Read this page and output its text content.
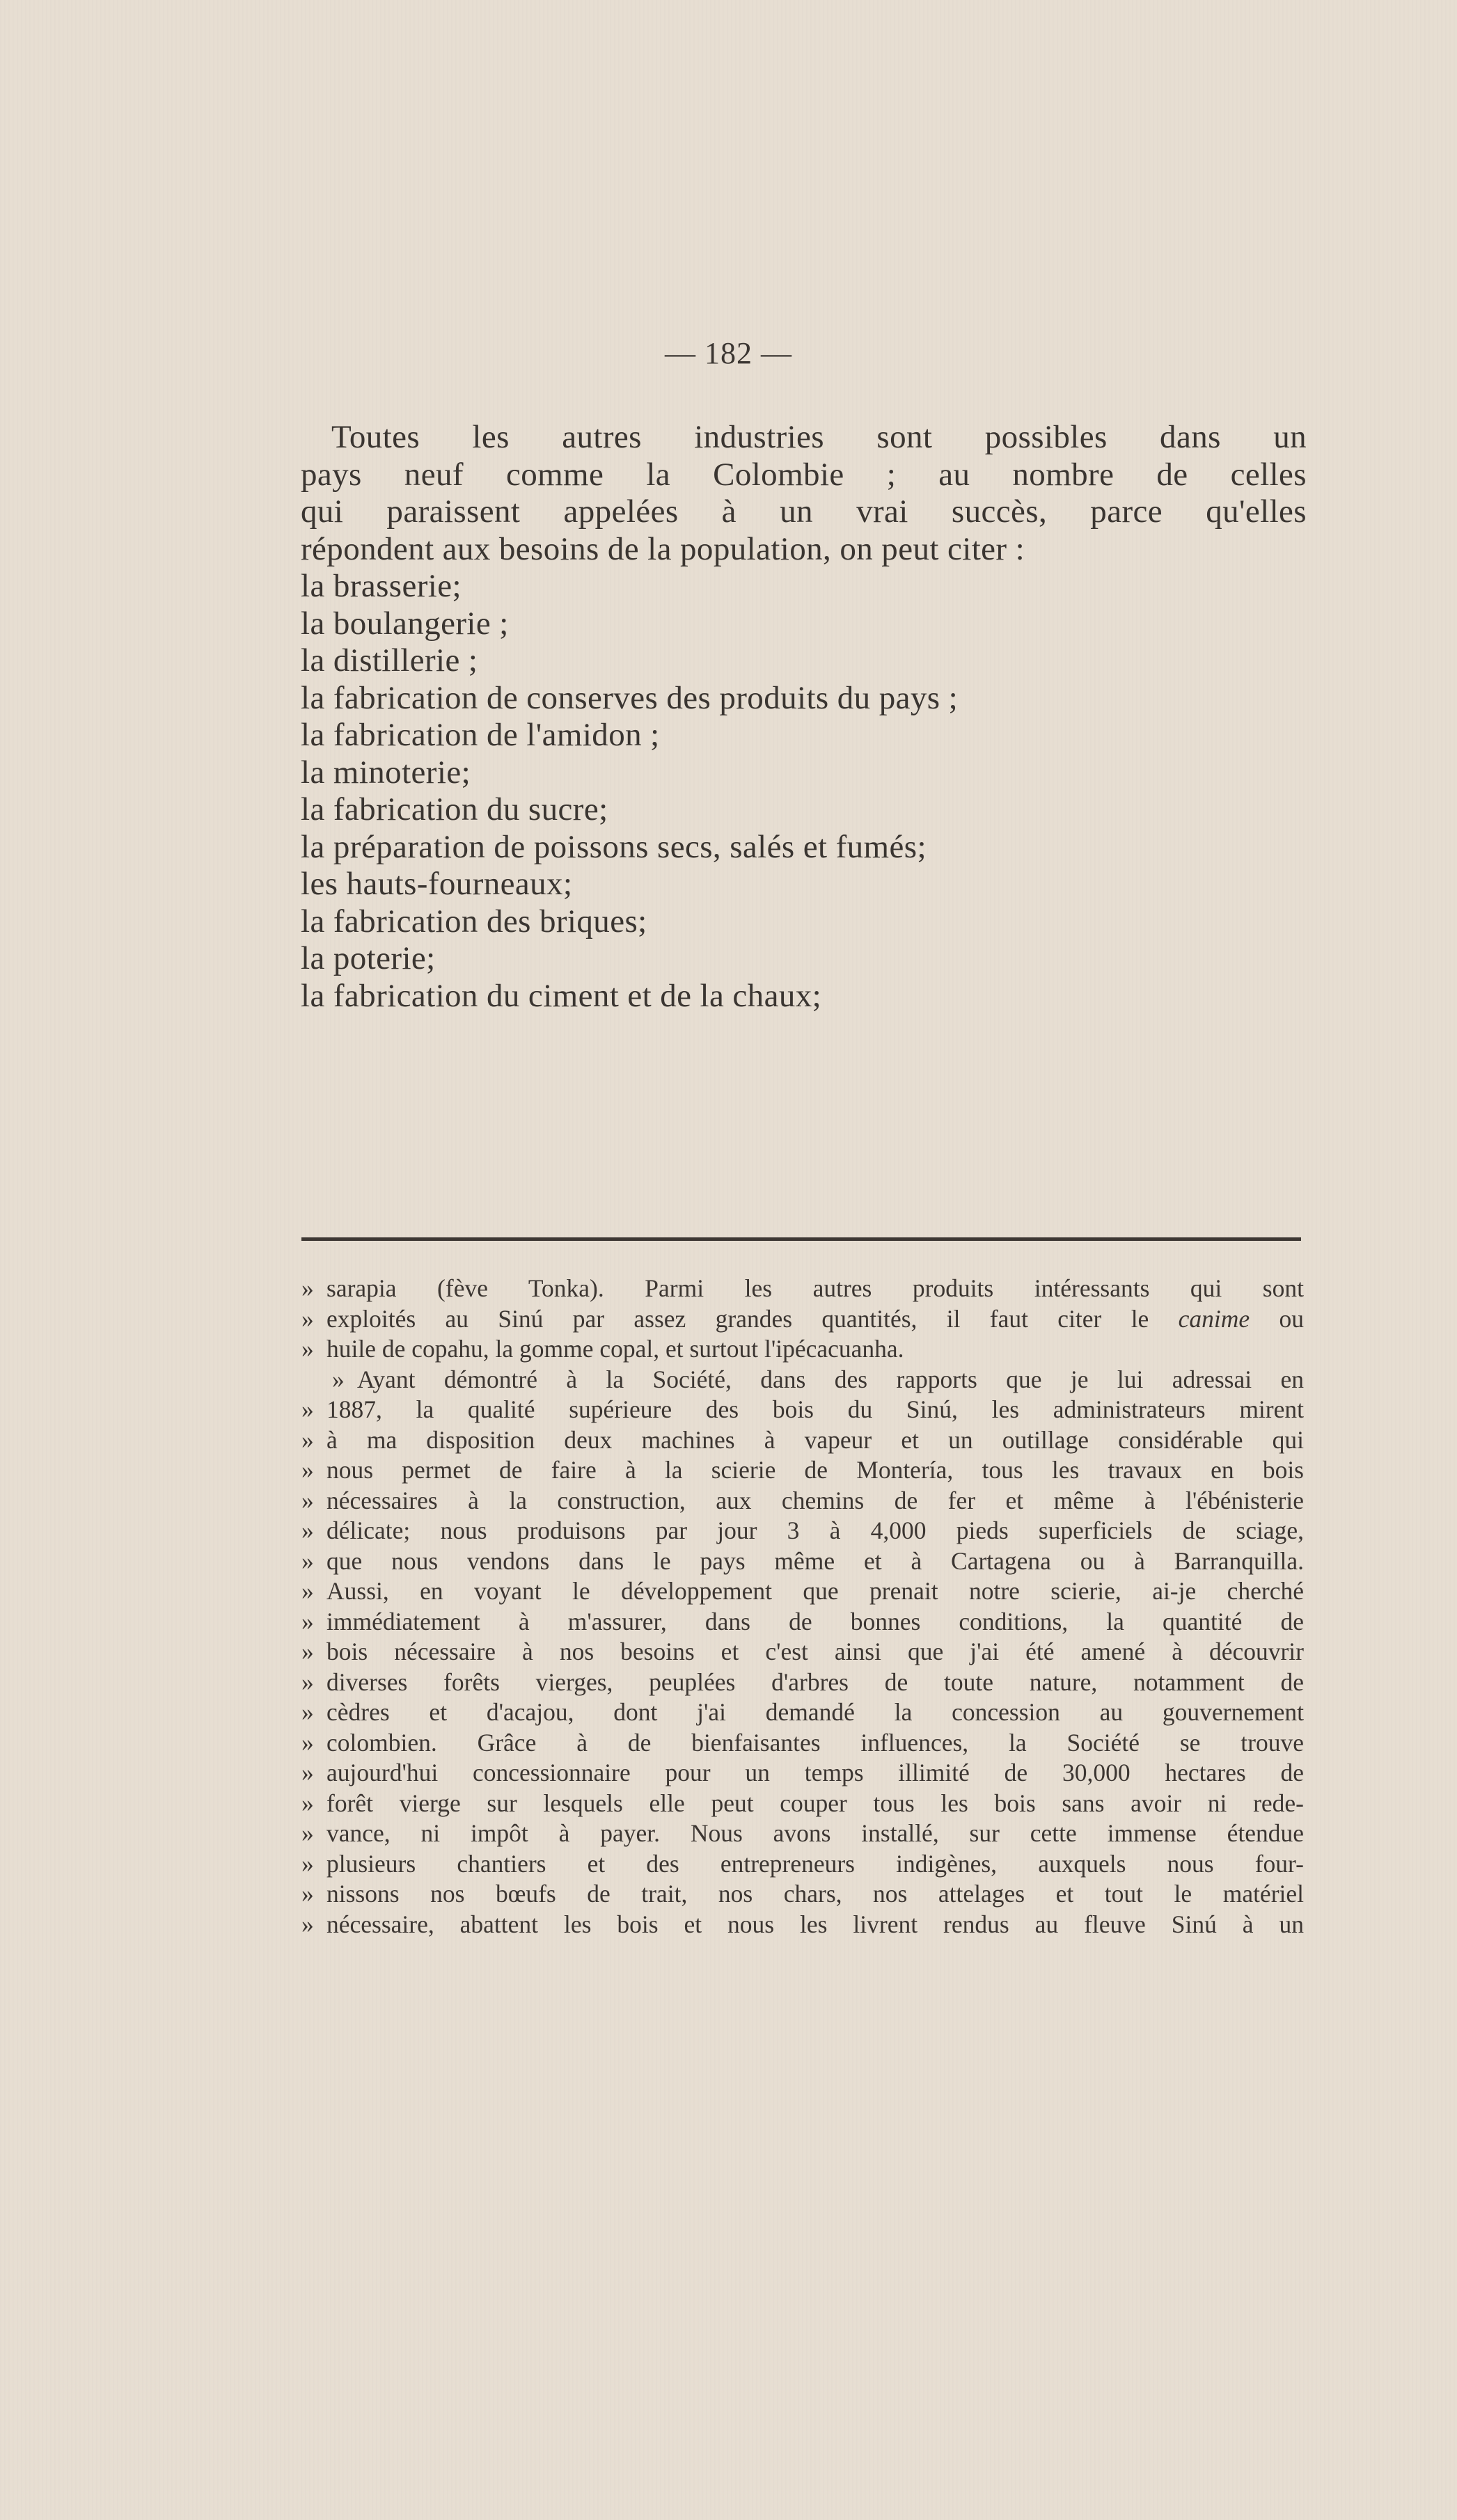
— 182 —
Toutes les autres industries sont possibles dans un
pays neuf comme la Colombie ; au nombre de celles
qui paraissent appelées à un vrai succès, parce qu'elles
répondent aux besoins de la population, on peut citer :
la brasserie;
la boulangerie ;
la distillerie ;
la fabrication de conserves des produits du pays ;
la fabrication de l'amidon ;
la minoterie;
la fabrication du sucre;
la préparation de poissons secs, salés et fumés;
les hauts-fourneaux;
la fabrication des briques;
la poterie;
la fabrication du ciment et de la chaux;
» sarapia (fève Tonka). Parmi les autres produits intéressants qui sont
» exploités au Sinú par assez grandes quantités, il faut citer le canime ou
» huile de copahu, la gomme copal, et surtout l'ipécacuanha.
» Ayant démontré à la Société, dans des rapports que je lui adressai en
» 1887, la qualité supérieure des bois du Sinú, les administrateurs mirent
» à ma disposition deux machines à vapeur et un outillage considérable qui
» nous permet de faire à la scierie de Montería, tous les travaux en bois
» nécessaires à la construction, aux chemins de fer et même à l'ébénisterie
» délicate; nous produisons par jour 3 à 4,000 pieds superficiels de sciage,
» que nous vendons dans le pays même et à Cartagena ou à Barranquilla.
» Aussi, en voyant le développement que prenait notre scierie, ai-je cherché
» immédiatement à m'assurer, dans de bonnes conditions, la quantité de
» bois nécessaire à nos besoins et c'est ainsi que j'ai été amené à découvrir
» diverses forêts vierges, peuplées d'arbres de toute nature, notamment de
» cèdres et d'acajou, dont j'ai demandé la concession au gouvernement
» colombien. Grâce à de bienfaisantes influences, la Société se trouve
» aujourd'hui concessionnaire pour un temps illimité de 30,000 hectares de
» forêt vierge sur lesquels elle peut couper tous les bois sans avoir ni rede-
» vance, ni impôt à payer. Nous avons installé, sur cette immense étendue
» plusieurs chantiers et des entrepreneurs indigènes, auxquels nous four-
» nissons nos bœufs de trait, nos chars, nos attelages et tout le matériel
» nécessaire, abattent les bois et nous les livrent rendus au fleuve Sinú à un
